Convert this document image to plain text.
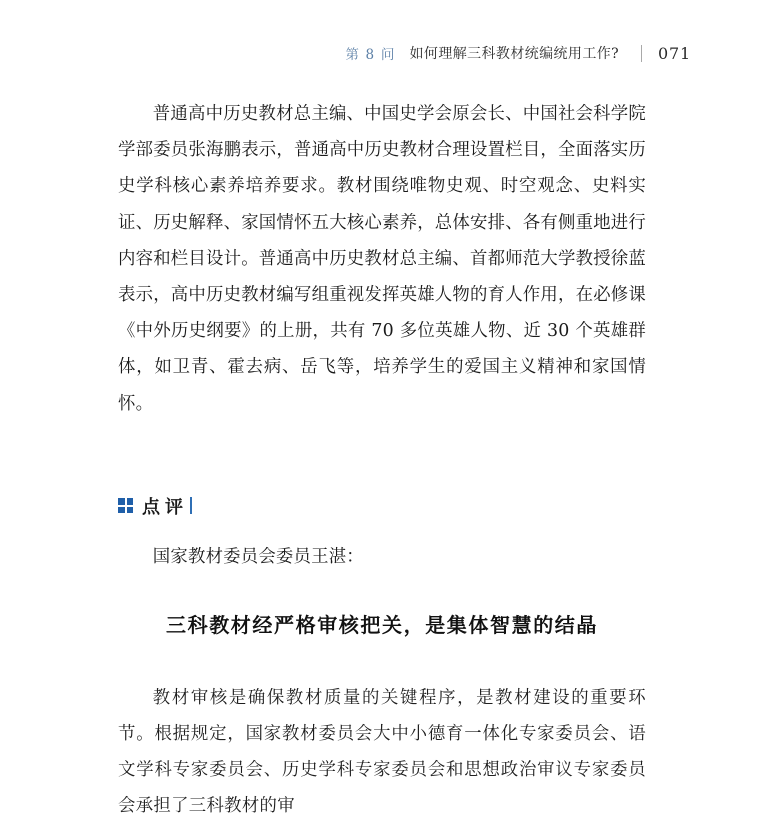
第 8 问 如何理解三科教材统编统用工作? 071

普通高中历史教材总主编、中国史学会原会长、中国社会科学院学部委员张海鹏表示，普通高中历史教材合理设置栏目，全面落实历史学科核心素养培养要求。教材围绕唯物史观、时空观念、史料实证、历史解释、家国情怀五大核心素养，总体安排、各有侧重地进行内容和栏目设计。普通高中历史教材总主编、首都师范大学教授徐蓝表示，高中历史教材编写组重视发挥英雄人物的育人作用，在必修课《中外历史纲要》的上册，共有 70 多位英雄人物、近 30 个英雄群体，如卫青、霍去病、岳飞等，培养学生的爱国主义精神和家国情怀。

点评

国家教材委员会委员王湛：

三科教材经严格审核把关，是集体智慧的结晶

教材审核是确保教材质量的关键程序，是教材建设的重要环节。根据规定，国家教材委员会大中小德育一体化专家委员会、语文学科专家委员会、历史学科专家委员会和思想政治审议专家委员会承担了三科教材的审
